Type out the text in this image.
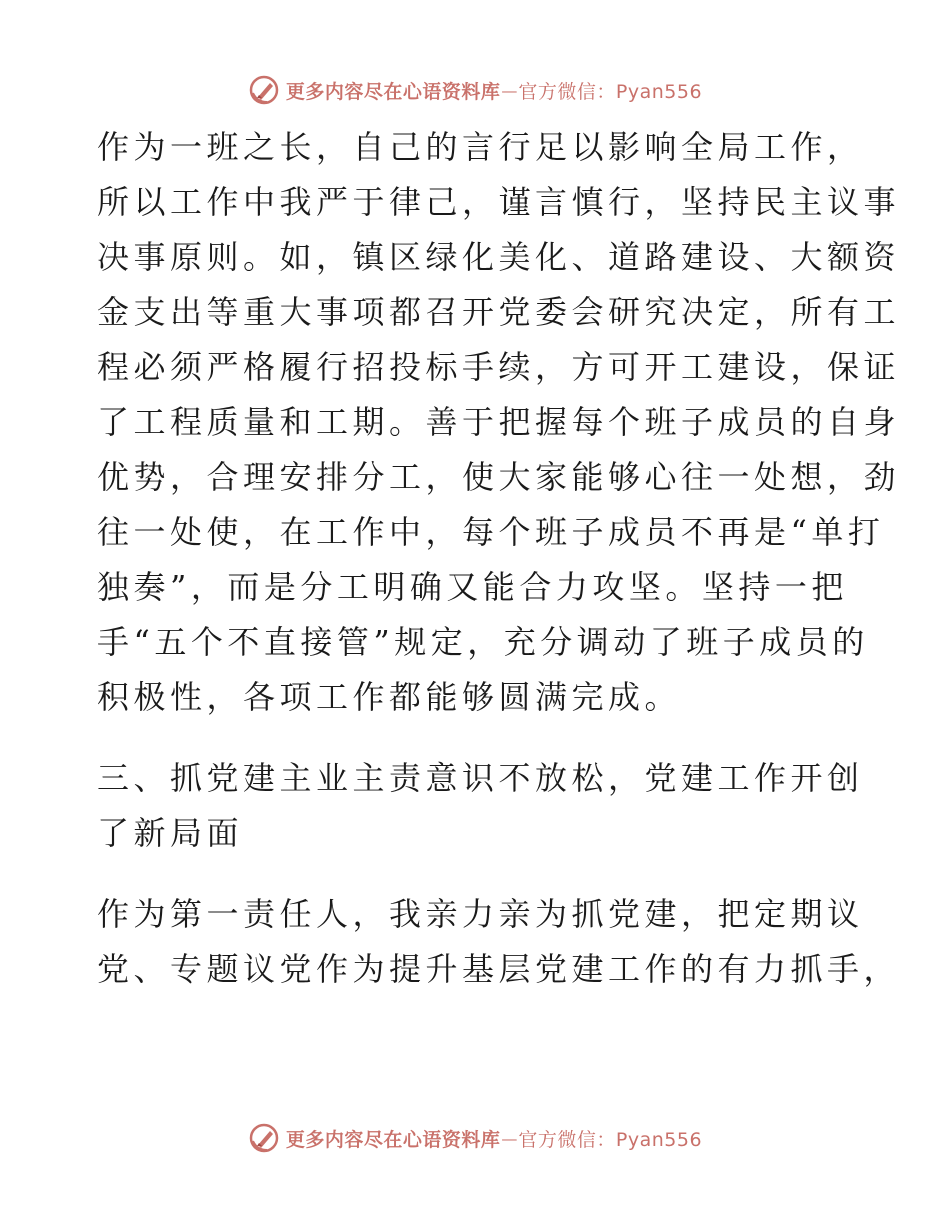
更多内容尽在心语资料库 — 官方微信：Pyan556
作为一班之长，自己的言行足以影响全局工作，
所以工作中我严于律己，谨言慎行，坚持民主议事
决事原则。如，镇区绿化美化、道路建设、大额资
金支出等重大事项都召开党委会研究决定，所有工
程必须严格履行招投标手续，方可开工建设，保证
了工程质量和工期。善于把握每个班子成员的自身
优势，合理安排分工，使大家能够心往一处想，劲
往一处使，在工作中，每个班子成员不再是“单打
独奏”，而是分工明确又能合力攻坚。坚持一把
手“五个不直接管”规定，充分调动了班子成员的
积极性，各项工作都能够圆满完成。
三、抓党建主业主责意识不放松，党建工作开创
了新局面
作为第一责任人，我亲力亲为抓党建，把定期议
党、专题议党作为提升基层党建工作的有力抓手，
更多内容尽在心语资料库 — 官方微信：Pyan556
